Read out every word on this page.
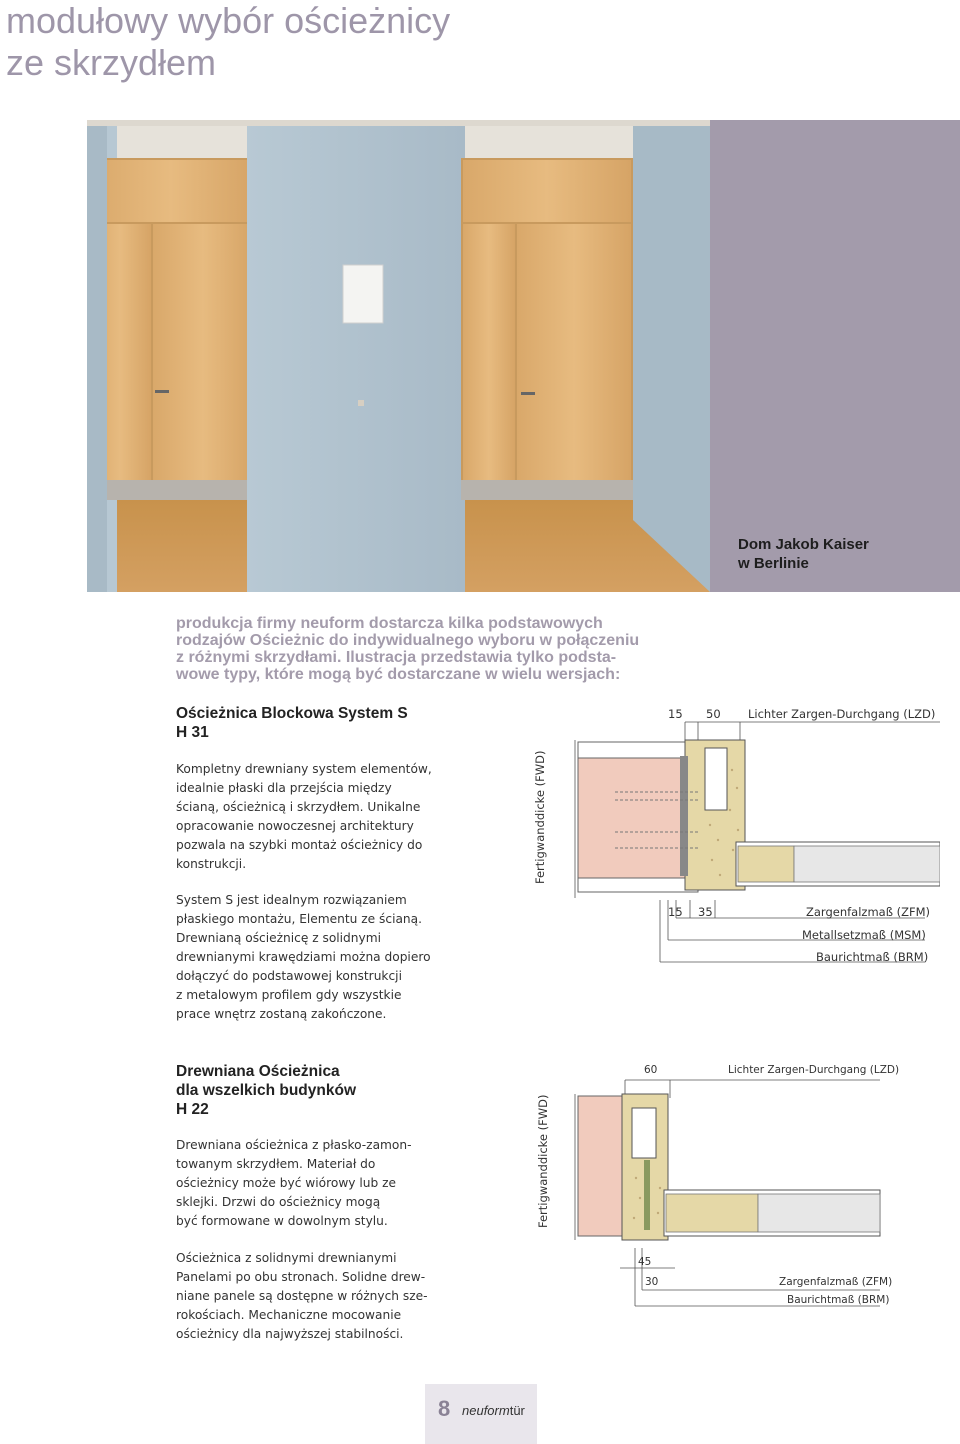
modułowy wybór ościeżnicy
ze skrzydłem
Dom Jakob Kaiser
w Berlinie
produkcja firmy neuform dostarcza kilka podstawowych
rodzajów Ościeżnic do indywidualnego wyboru w połączeniu
z różnymi skrzydłami. Ilustracja przedstawia tylko podsta-
wowe typy, które mogą być dostarczane w wielu wersjach:
Ościeżnica Blockowa System S
H 31
Kompletny drewniany system elementów,
idealnie płaski dla przejścia między
ścianą, ościeżnicą i skrzydłem. Unikalne
opracowanie nowoczesnej architektury
pozwala na szybki montaż ościeżnicy do
konstrukcji.
System S jest idealnym rozwiązaniem
płaskiego montażu, Elementu ze ścianą.
Drewnianą ościeżnicę z solidnymi
drewnianymi krawędziami można dopiero
dołączyć do podstawowej konstrukcji
z metalowym profilem gdy wszystkie
prace wnętrz zostaną zakończone.
15 50 Lichter Zargen-Durchgang (LZD)
Fertigwanddicke (FWD)
15 35	Zargenfalzmaß (ZFM)
Metallsetzmaß (MSM)
Baurichtmaß (BRM)
Drewniana Ościeżnica
dla wszelkich budynków
H 22
Drewniana ościeżnica z płasko-zamon-
towanym skrzydłem. Materiał do
ościeżnicy może być wiórowy lub ze
sklejki. Drzwi do ościeżnicy mogą
być formowane w dowolnym stylu.
Ościeżnica z solidnymi drewnianymi
Panelami po obu stronach. Solidne drew-
niane panele są dostępne w różnych sze-
rokościach. Mechaniczne mocowanie
ościeżnicy dla najwyższej stabilności.
60	Lichter Zargen-Durchgang (LZD)
Fertigwanddicke (FWD)
45
30	Zargenfalzmaß (ZFM)
Baurichtmaß (BRM)
8 neuformtür
